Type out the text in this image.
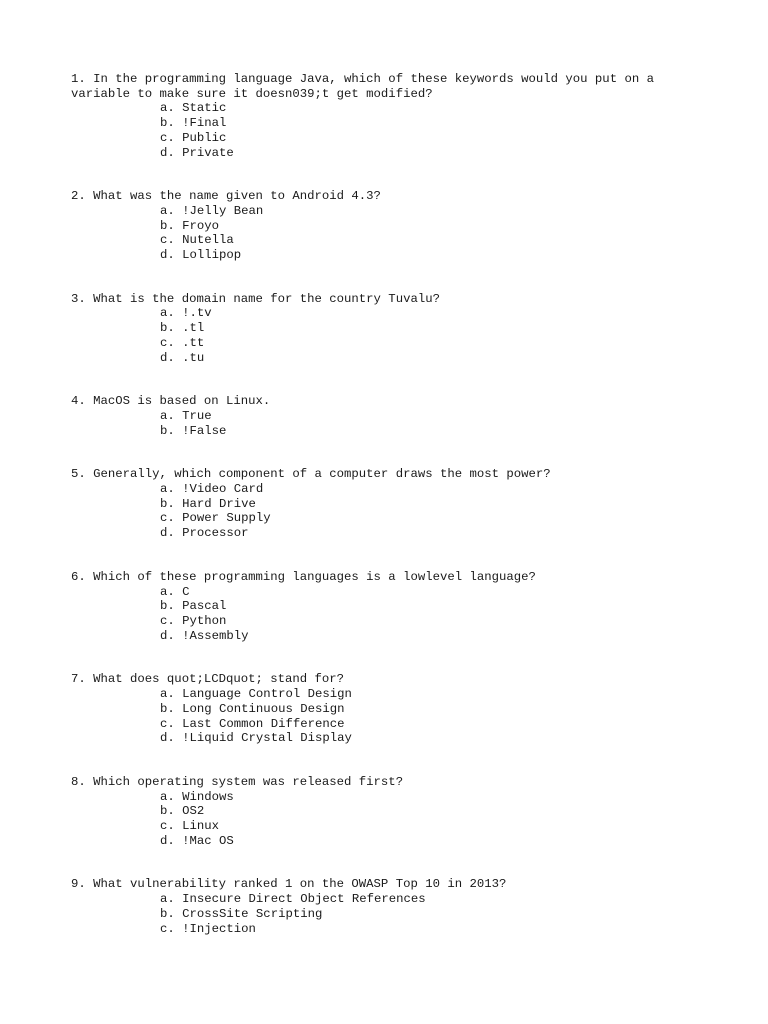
1. In the programming language Java, which of these keywords would you put on a variable to make sure it doesn039;t get modified?
a. Static
b. !Final
c. Public
d. Private
2. What was the name given to Android 4.3?
a. !Jelly Bean
b. Froyo
c. Nutella
d. Lollipop
3. What is the domain name for the country Tuvalu?
a. !.tv
b. .tl
c. .tt
d. .tu
4. MacOS is based on Linux.
a. True
b. !False
5. Generally, which component of a computer draws the most power?
a. !Video Card
b. Hard Drive
c. Power Supply
d. Processor
6. Which of these programming languages is a lowlevel language?
a. C
b. Pascal
c. Python
d. !Assembly
7. What does quot;LCDquot; stand for?
a. Language Control Design
b. Long Continuous Design
c. Last Common Difference
d. !Liquid Crystal Display
8. Which operating system was released first?
a. Windows
b. OS2
c. Linux
d. !Mac OS
9. What vulnerability ranked 1 on the OWASP Top 10 in 2013?
a. Insecure Direct Object References
b. CrossSite Scripting
c. !Injection
